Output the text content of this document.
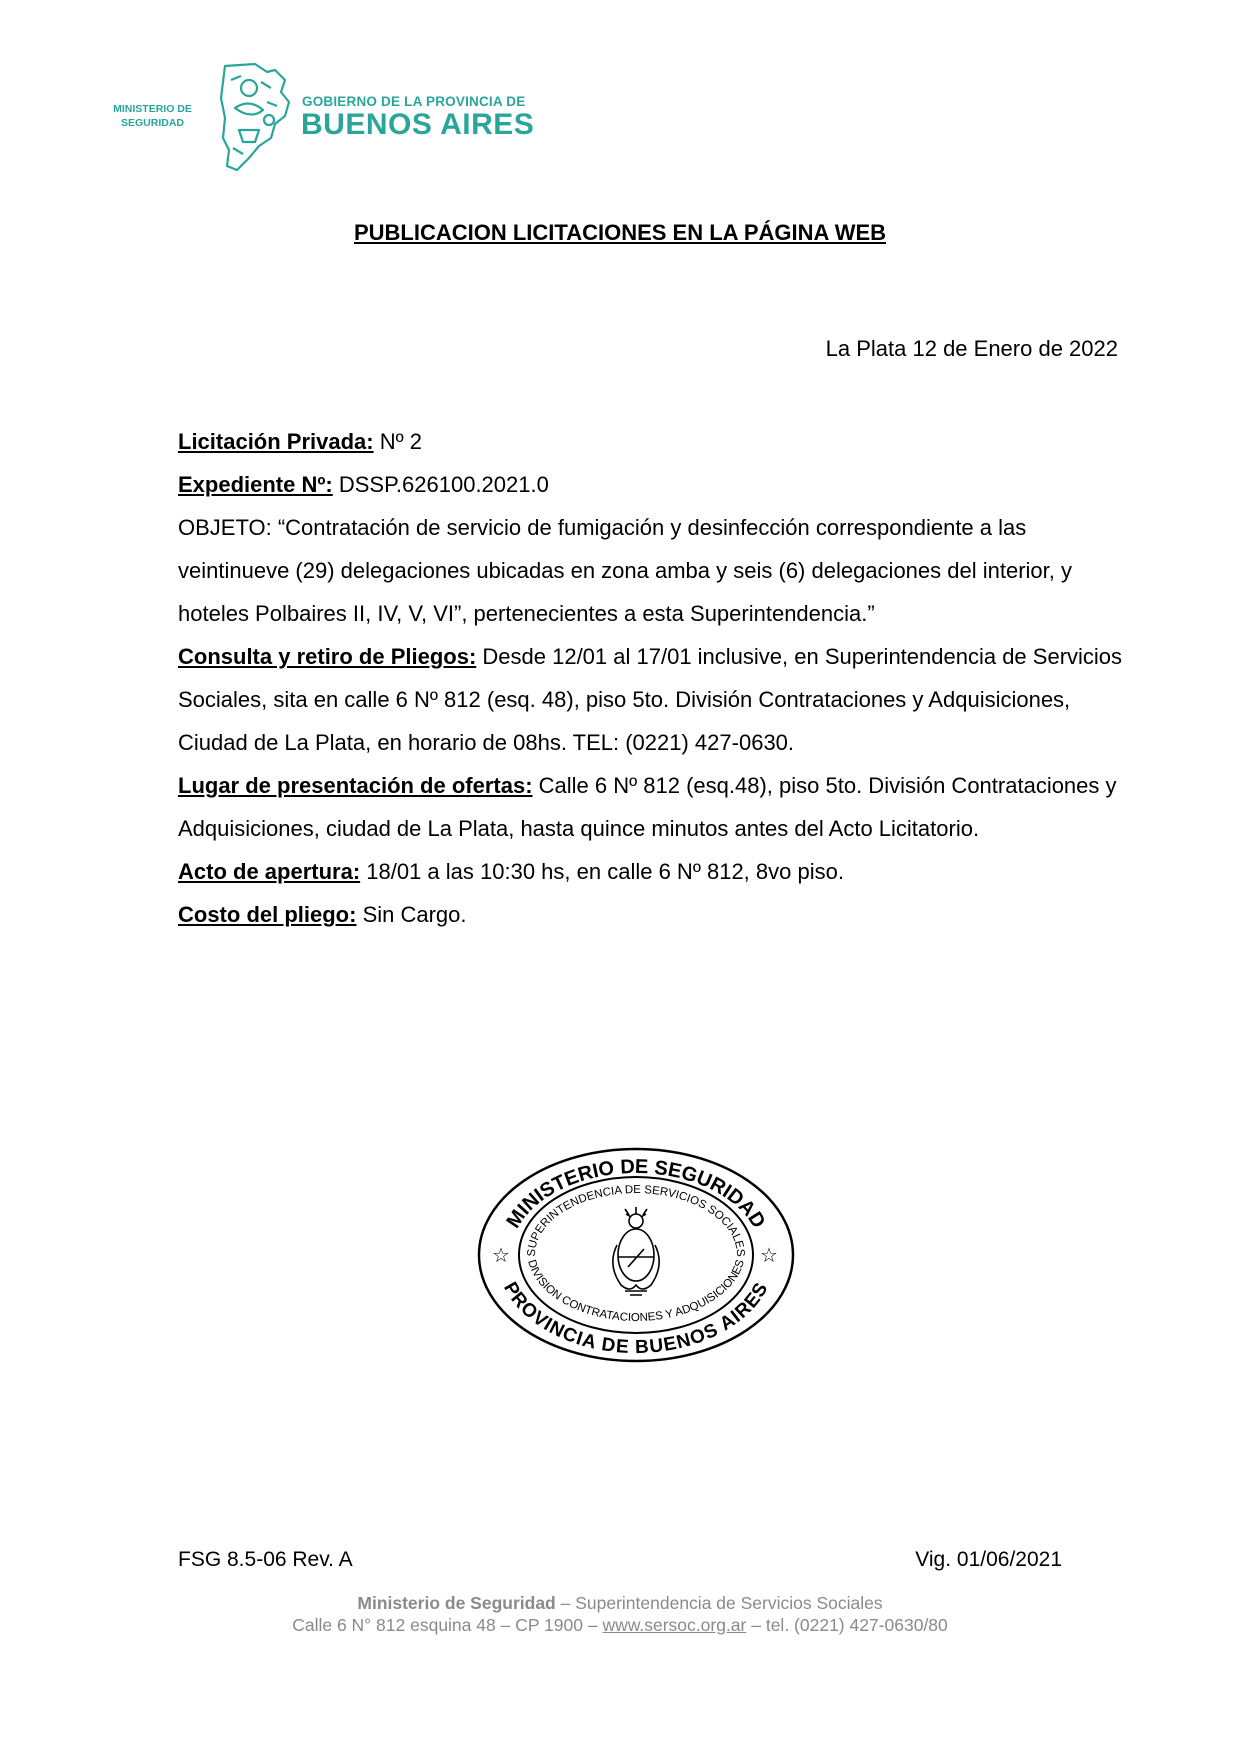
MINISTERIO DE
SEGURIDAD
GOBIERNO DE LA PROVINCIA DE
BUENOS AIRES
PUBLICACION LICITACIONES EN LA PÁGINA WEB
La Plata 12 de Enero de 2022

Licitación Privada: Nº 2

Expediente Nº: DSSP.626100.2021.0

OBJETO: “Contratación de servicio de fumigación y desinfección correspondiente a las veintinueve (29) delegaciones ubicadas en zona amba y seis (6) delegaciones del interior, y hoteles Polbaires II, IV, V, VI”, pertenecientes a esta Superintendencia.”

Consulta y retiro de Pliegos: Desde 12/01 al 17/01 inclusive, en Superintendencia de Servicios Sociales, sita en calle 6 Nº 812 (esq. 48), piso 5to. División Contrataciones y Adquisiciones, Ciudad de La Plata, en horario de 08hs. TEL: (0221) 427-0630.

Lugar de presentación de ofertas: Calle 6 Nº 812 (esq.48), piso 5to. División Contrataciones y Adquisiciones, ciudad de La Plata, hasta quince minutos antes del Acto Licitatorio.

Acto de apertura: 18/01 a las 10:30 hs, en calle 6 Nº 812, 8vo piso.

Costo del pliego: Sin Cargo.

MINISTERIO DE SEGURIDAD
PROVINCIA DE BUENOS AIRES
SUPERINTENDENCIA DE SERVICIOS SOCIALES
DIVISION CONTRATACIONES Y ADQUISICIONES
☆	☆
FSG 8.5-06 Rev. A	Vig. 01/06/2021
Ministerio de Seguridad – Superintendencia de Servicios Sociales
Calle 6 N° 812 esquina 48 – CP 1900 – www.sersoc.org.ar – tel. (0221) 427-0630/80
